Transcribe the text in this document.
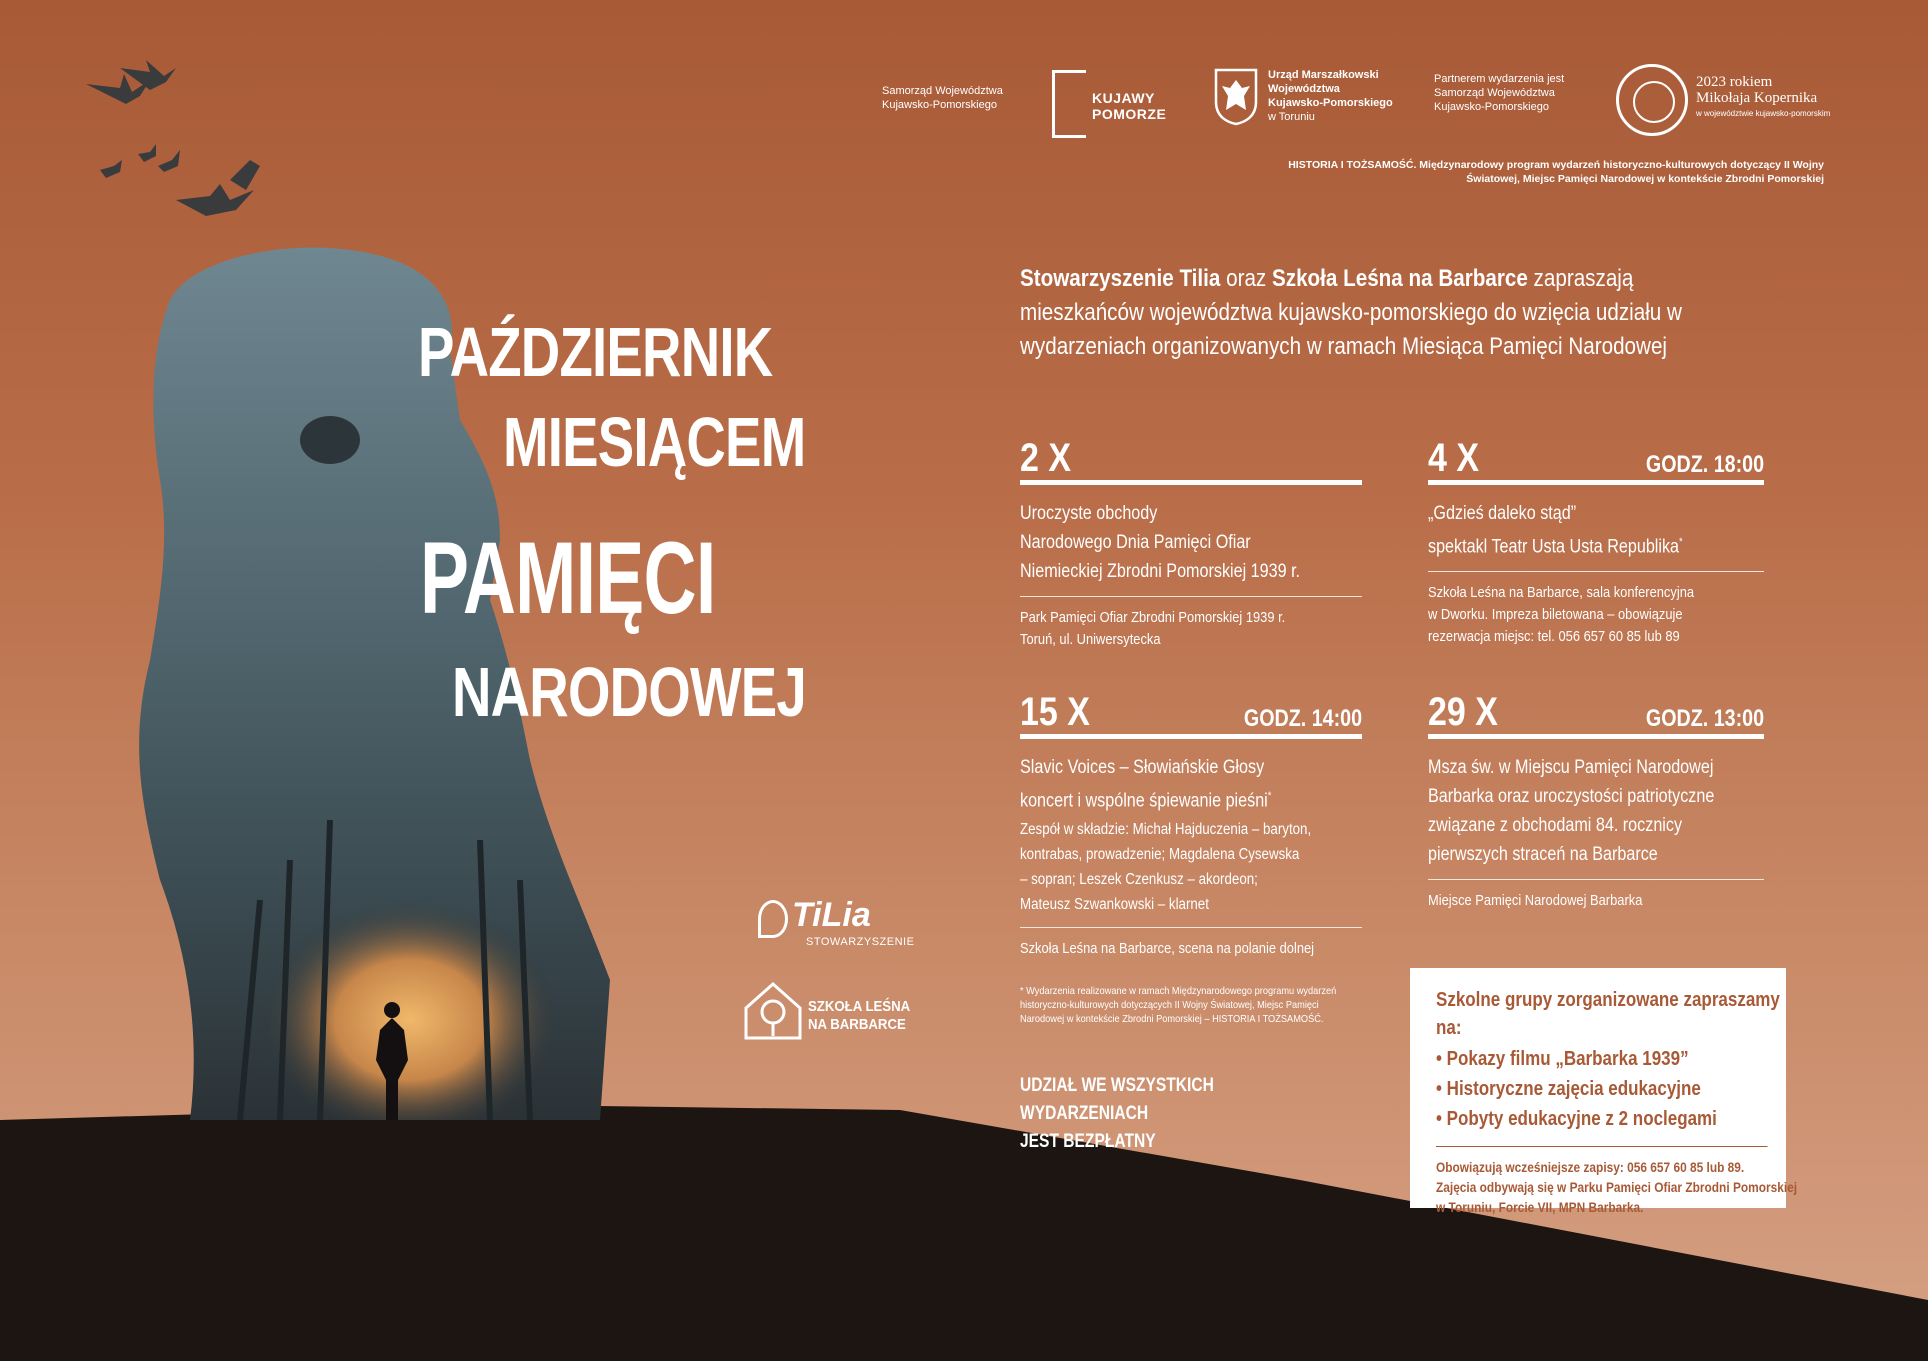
Samorząd Województwa
Kujawsko-Pomorskiego	KUJAWY
POMORZE
Urząd Marszałkowski
Województwa
Kujawsko-Pomorskiego
w Toruniu
Partnerem wydarzenia jest
Samorząd Województwa
Kujawsko-Pomorskiego
2023 rokiem
Mikołaja Kopernika
w województwie kujawsko-pomorskim
HISTORIA I TOŻSAMOŚĆ. Międzynarodowy program wydarzeń historyczno-kulturowych dotyczący II Wojny Światowej, Miejsc Pamięci Narodowej w kontekście Zbrodni Pomorskiej
PAŹDZIERNIK
MIESIĄCEM
PAMIĘCI
NARODOWEJ
Stowarzyszenie Tilia oraz Szkoła Leśna na Barbarce zapraszają mieszkańców województwa kujawsko-pomorskiego do wzięcia udziału w wydarzeniach organizowanych w ramach Miesiąca Pamięci Narodowej
2 X
Uroczyste obchody
Narodowego Dnia Pamięci Ofiar
Niemieckiej Zbrodni Pomorskiej 1939 r.
Park Pamięci Ofiar Zbrodni Pomorskiej 1939 r.
Toruń, ul. Uniwersytecka
4 X	GODZ. 18:00
„Gdzieś daleko stąd”
spektakl Teatr Usta Usta Republika*
Szkoła Leśna na Barbarce, sala konferencyjna
w Dworku. Impreza biletowana – obowiązuje
rezerwacja miejsc: tel. 056 657 60 85 lub 89
15 X	GODZ. 14:00
Slavic Voices – Słowiańskie Głosy
koncert i wspólne śpiewanie pieśni*
Zespół w składzie: Michał Hajduczenia – baryton,
kontrabas, prowadzenie; Magdalena Cysewska
– sopran; Leszek Czenkusz – akordeon;
Mateusz Szwankowski – klarnet
Szkoła Leśna na Barbarce, scena na polanie dolnej
29 X	GODZ. 13:00
Msza św. w Miejscu Pamięci Narodowej
Barbarka oraz uroczystości patriotyczne
związane z obchodami 84. rocznicy
pierwszych straceń na Barbarce
Miejsce Pamięci Narodowej Barbarka
* Wydarzenia realizowane w ramach Międzynarodowego programu wydarzeń historyczno-kulturowych dotyczących II Wojny Światowej, Miejsc Pamięci Narodowej w kontekście Zbrodni Pomorskiej – HISTORIA I TOŻSAMOŚĆ.
UDZIAŁ WE WSZYSTKICH WYDARZENIACH
JEST BEZPŁATNY
Szkolne grupy zorganizowane zapraszamy na:
• Pokazy filmu „Barbarka 1939”
• Historyczne zajęcia edukacyjne
• Pobyty edukacyjne z 2 noclegami
Obowiązują wcześniejsze zapisy: 056 657 60 85 lub 89.
Zajęcia odbywają się w Parku Pamięci Ofiar Zbrodni Pomorskiej
w Toruniu, Forcie VII, MPN Barbarka.
TiLia
STOWARZYSZENIE
SZKOŁA LEŚNA
NA BARBARCE
